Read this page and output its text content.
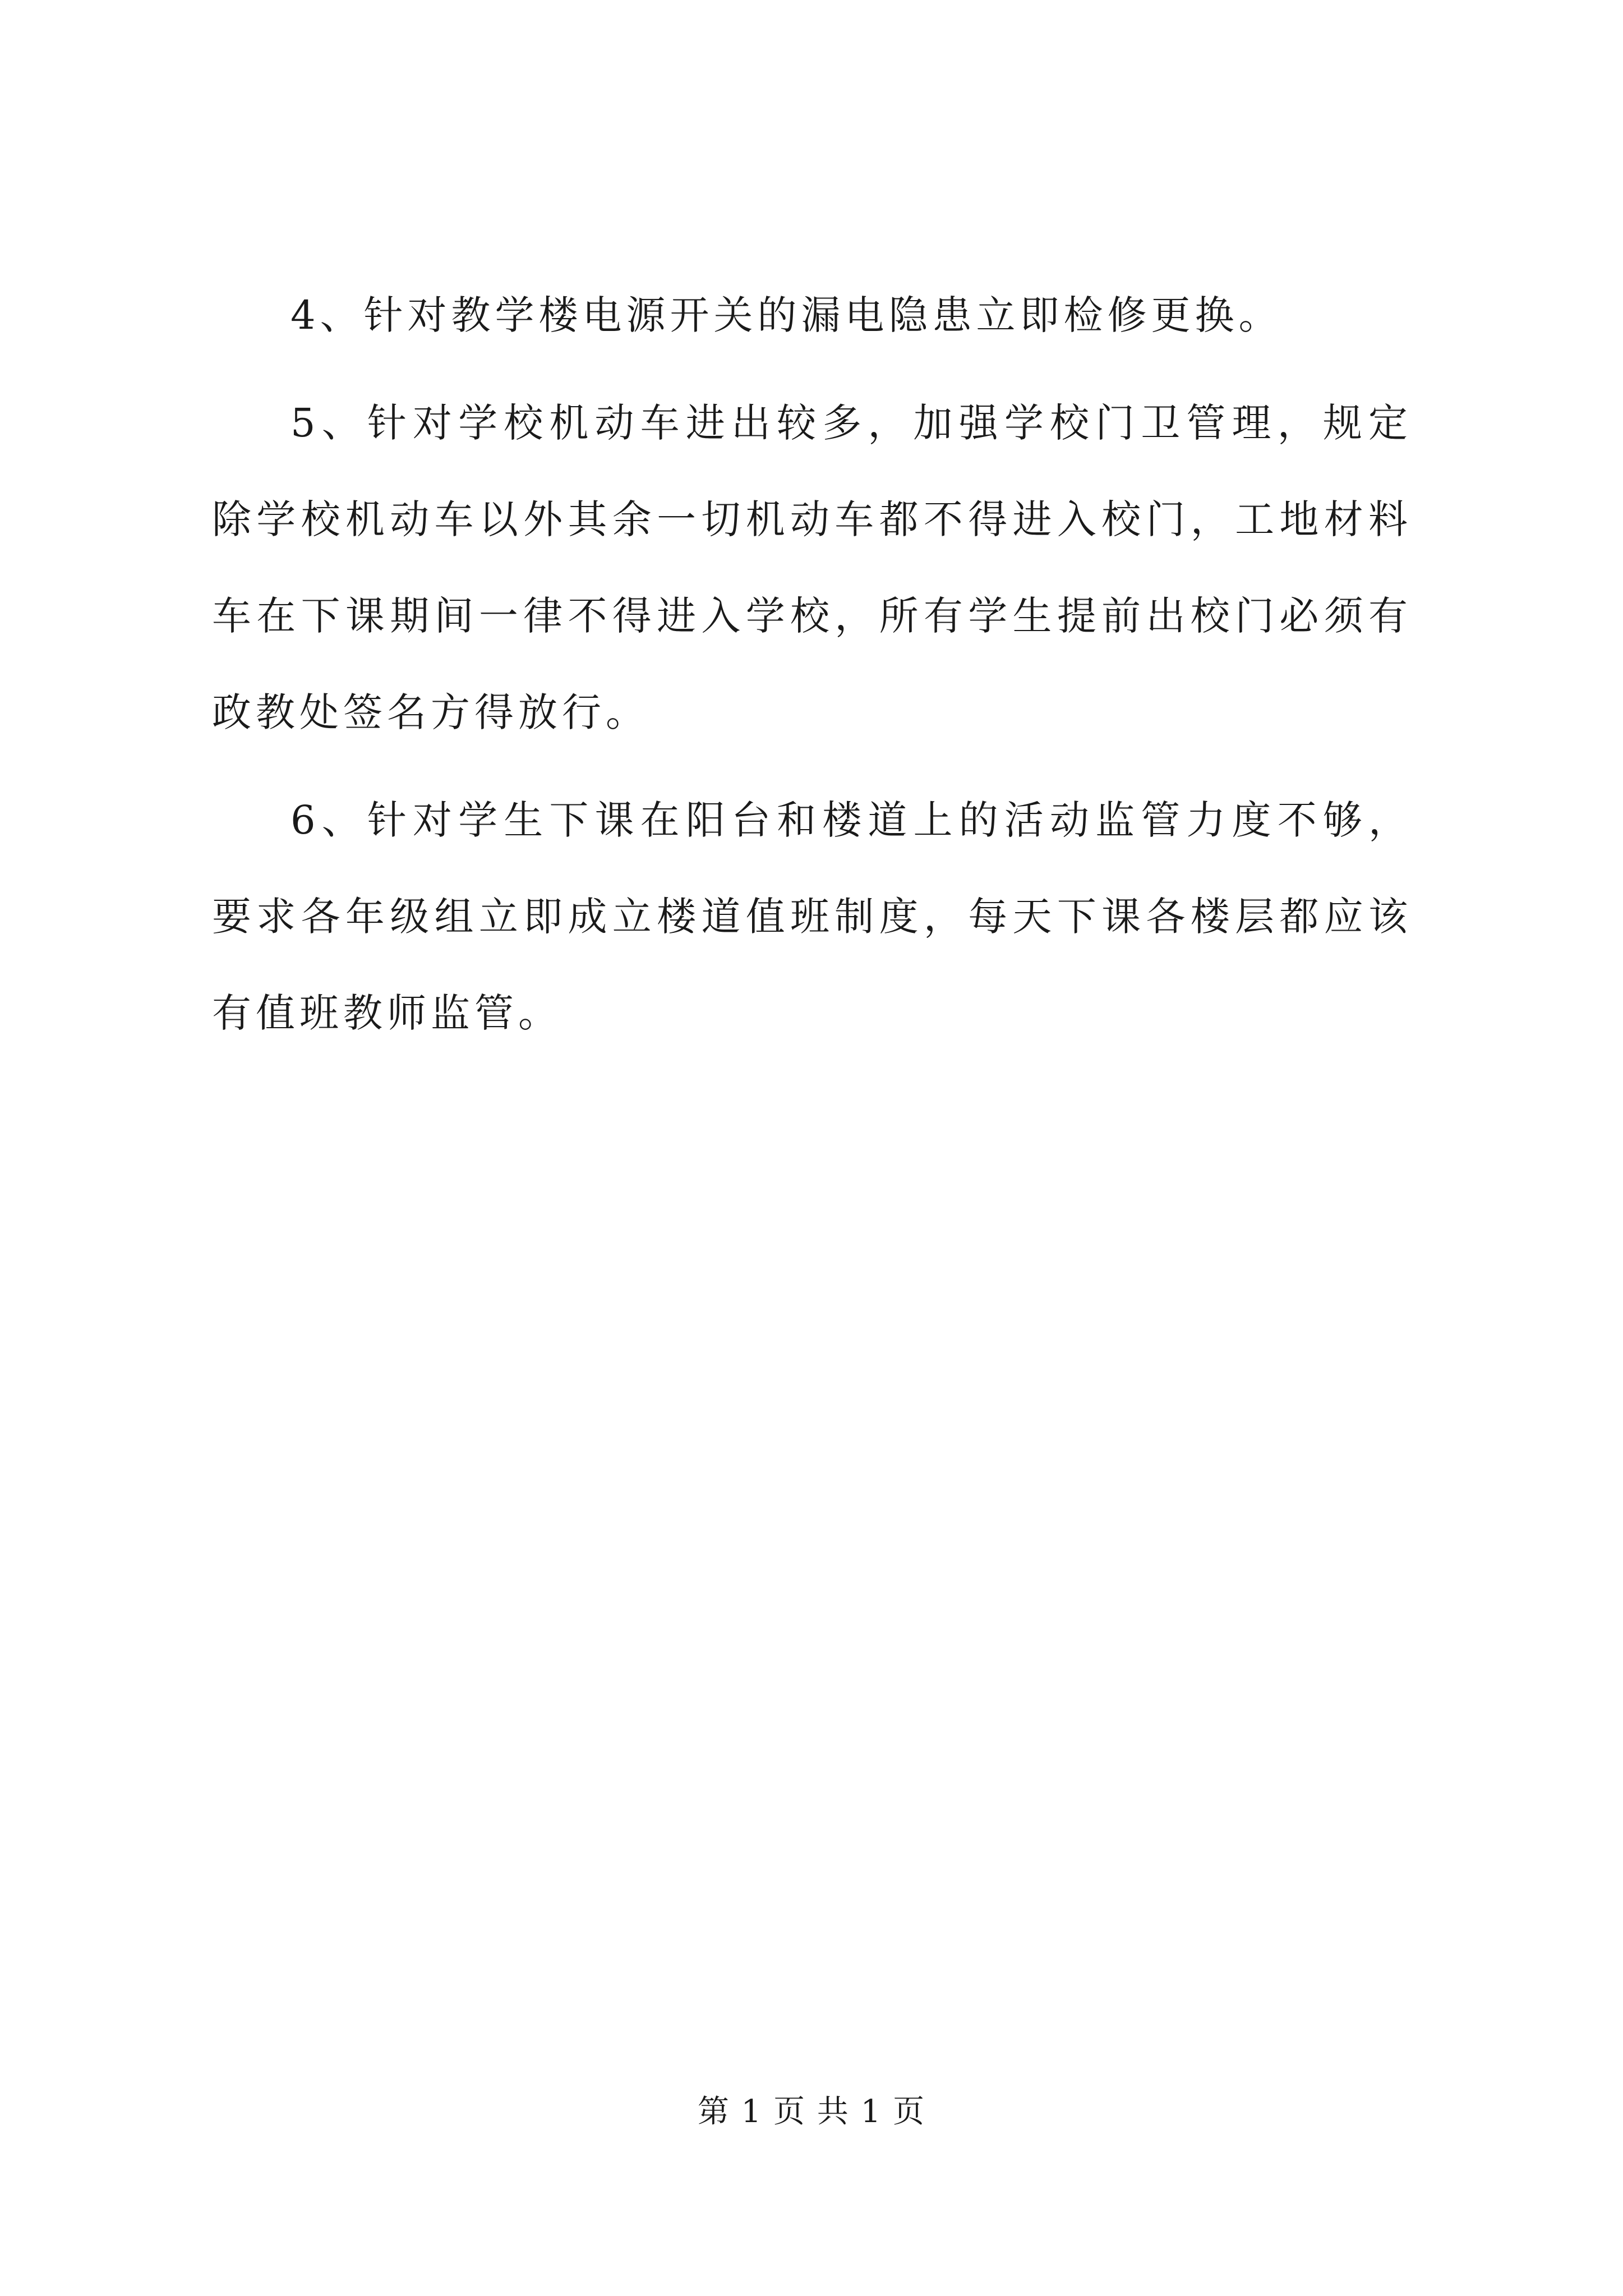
4、针对教学楼电源开关的漏电隐患立即检修更换。

5、针对学校机动车进出较多，加强学校门卫管理，规定除学校机动车以外其余一切机动车都不得进入校门，工地材料车在下课期间一律不得进入学校，所有学生提前出校门必须有政教处签名方得放行。

6、针对学生下课在阳台和楼道上的活动监管力度不够，要求各年级组立即成立楼道值班制度，每天下课各楼层都应该有值班教师监管。

第 1 页 共 1 页
